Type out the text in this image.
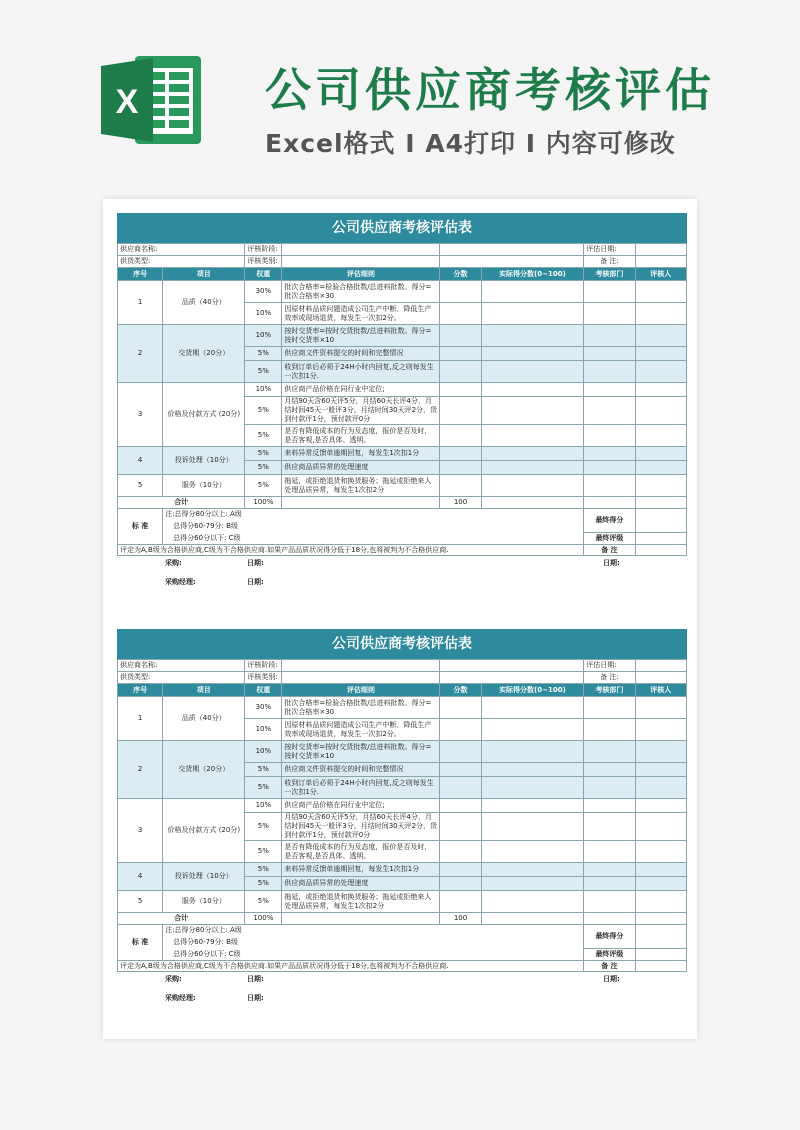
X	公司供应商考核评估
Excel格式 I A4打印 I 内容可修改
公司供应商考核评估表
供应商名称:		评核阶段:				评估日期:	
供货类型:		评核类别:				备 注:	
序号	项目	权重	评估细则	分数	实际得分数(0~100)	考核部门	评核人
1	品质（40分）	30%	批次合格率=检验合格批数/总进料批数。得分=批次合格率×30				
		10%	因原材料品质问题造成公司生产中断、降低生产效率或现场退货，每发生一次扣2分。				
2	交货期（20分）	10%	按时交货率=按时交货批数/总进料批数。得分=按时交货率×10				
		5%	供应商文件资料提交的时间和完整情况				
		5%	收到订单后必须于24H小时内回复,反之则每发生一次扣1分.				
3	价格及付款方式 (20分)	10%	供应商产品价格在同行业中定位;				
		5%	月结90天含60天评5分，月结60天长评4分，月结时间45天一般评3分，月结时间30天评2分，货到付款评1分，预付款评0分				
		5%	是否有降低成本的行为及态度，报价是否及时，是否客观,是否具体、透明。				
4	投诉处理（10分）	5%	来料异常反馈单逾期回复，每发生1次扣1分				
		5%	供应商品质异常的处理速度				
5	服务（10分）	5%	拖延，或拒绝退货和换货服务；拖延或拒绝来人处理品质异常，每发生1次扣2分				
合计		100%		100			
标 准	注:总得分80分以上: A级					最终得分	
	总得分60-79分: B级						
	总得分60分以下: C级					最终评级	
评定为A,B级为合格供应商,C级为不合格供应商.如果产品品质状况得分低于18分,也将被判为不合格供应商.						备 注	
采购:	日期:	日期:
采购经理:	日期:
公司供应商考核评估表
供应商名称:		评核阶段:				评估日期:	
供货类型:		评核类别:				备 注:	
序号	项目	权重	评估细则	分数	实际得分数(0~100)	考核部门	评核人
1	品质（40分）	30%	批次合格率=检验合格批数/总进料批数。得分=批次合格率×30				
		10%	因原材料品质问题造成公司生产中断、降低生产效率或现场退货，每发生一次扣2分。				
2	交货期（20分）	10%	按时交货率=按时交货批数/总进料批数。得分=按时交货率×10				
		5%	供应商文件资料提交的时间和完整情况				
		5%	收到订单后必须于24H小时内回复,反之则每发生一次扣1分.				
3	价格及付款方式 (20分)	10%	供应商产品价格在同行业中定位;				
		5%	月结90天含60天评5分，月结60天长评4分，月结时间45天一般评3分，月结时间30天评2分，货到付款评1分，预付款评0分				
		5%	是否有降低成本的行为及态度，报价是否及时，是否客观,是否具体、透明。				
4	投诉处理（10分）	5%	来料异常反馈单逾期回复，每发生1次扣1分				
		5%	供应商品质异常的处理速度				
5	服务（10分）	5%	拖延，或拒绝退货和换货服务；拖延或拒绝来人处理品质异常，每发生1次扣2分				
合计		100%		100			
标 准	注:总得分80分以上: A级					最终得分	
	总得分60-79分: B级						
	总得分60分以下: C级					最终评级	
评定为A,B级为合格供应商,C级为不合格供应商.如果产品品质状况得分低于18分,也将被判为不合格供应商.						备 注	
采购:	日期:	日期:
采购经理:	日期:
